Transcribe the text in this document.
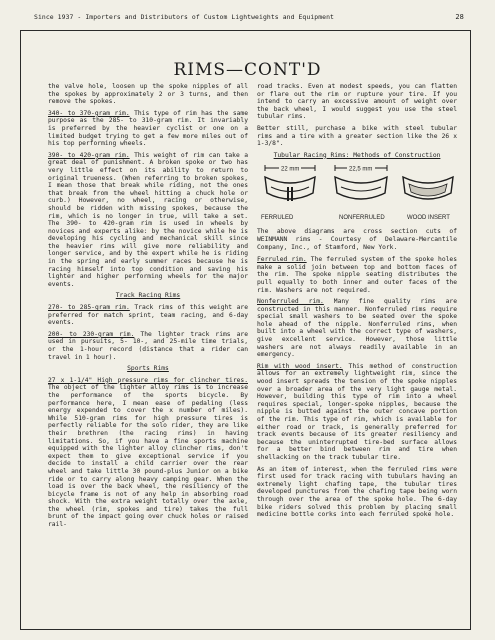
Since 1937 - Importers and Distributors of Custom Lightweights and Equipment	28
RIMS—CONT'D

the valve hole, loosen up the spoke nipples of all the spokes by approximately 2 or 3 turns, and then remove the spokes.

340- to 370-gram rim. This type of rim has the same purpose as the 285- to 310-gram rim. It invariably is preferred by the heavier cyclist or one on a limited budget trying to get a few more miles out of his top performing wheels.

390- to 420-gram rim. This weight of rim can take a great deal of punishment. A broken spoke or two has very little effect on its ability to return to original trueness. (When referring to broken spokes, I mean those that break while riding, not the ones that break from the wheel hitting a chuck hole or curb.) However, no wheel, racing or otherwise, should be ridden with missing spokes, because the rim, which is no longer in true, will take a set. The 390- to 420-gram rim is used in wheels by novices and experts alike: by the novice while he is developing his cycling and mechanical skill since the heavier rims will give more reliability and longer service, and by the expert while he is riding in the spring and early summer races because he is racing himself into top condition and saving his lighter and higher performing wheels for the major events.

Track Racing Rims

270- to 285-gram rim. Track rims of this weight are preferred for match sprint, team racing, and 6-day events.

200- to 230-gram rim. The lighter track rims are used in pursuits, 5- 10-, and 25-mile time trials, or the 1-hour record (distance that a rider can travel in 1 hour).

Sports Rims

27 x 1-1/4" High pressure rims for clincher tires. The object of the lighter alloy rims is to increase the performance of the sports bicycle. By performance here, I mean ease of pedaling (less energy expended to cover the x number of miles). While 510-gram rims for high pressure tires is perfectly reliable for the solo rider, they are like their brethren (the racing rims) in having limitations. So, if you have a fine sports machine equipped with the lighter alloy clincher rims, don't expect them to give exceptional service if you decide to install a child carrier over the rear wheel and take little 30 pound-plus Junior on a bike ride or to carry along heavy camping gear. When the load is over the back wheel, the resiliency of the bicycle frame is not of any help in absorbing road shock. With the extra weight totally over the axle, the wheel (rim, spokes and tire) takes the full brunt of the impact going over chuck holes or raised rail-

road tracks. Even at modest speeds, you can flatten or flare out the rim or rupture your tire. If you intend to carry an excessive amount of weight over the back wheel, I would suggest you use the steel tubular rims.

Better still, purchase a bike with steel tubular rims and a tire with a greater section like the 26 x 1-3/8".

Tubular Racing Rims: Methods of Construction
22 mm	22,5 mm
FERRULED	NONFERRULED	WOOD INSERT
The above diagrams are cross section cuts of WEINMANN rims - Courtesy of Delaware-Mercantile Company, Inc., of Stamford, New York.

Ferruled rim. The ferruled system of the spoke holes make a solid join between top and bottom faces of the rim. The spoke nipple seating distributes the pull equally to both inner and outer faces of the rim. Washers are not required.

Nonferruled rim. Many fine quality rims are constructed in this manner. Nonferruled rims require special small washers to be seated over the spoke hole ahead of the nipple. Nonferruled rims, when built into a wheel with the correct type of washers, give excellent service. However, those little washers are not always readily available in an emergency.

Rim with wood insert. This method of construction allows for an extremely lightweight rim, since the wood insert spreads the tension of the spoke nipples over a broader area of the very light gauge metal. However, building this type of rim into a wheel requires special, longer-spoke nipples, because the nipple is butted against the outer concave portion of the rim. This type of rim, which is available for either road or track, is generally preferred for track events because of its greater resiliency and because the uninterrupted tire-bed surface allows for a better bind between rim and tire when shellacking on the track tubular tire.

As an item of interest, when the ferruled rims were first used for track racing with tubulars having an extremely light chafing tape, the tubular tires developed punctures from the chafing tape being worn through over the area of the spoke hole. The 6-day bike riders solved this problem by placing small medicine bottle corks into each ferruled spoke hole.
